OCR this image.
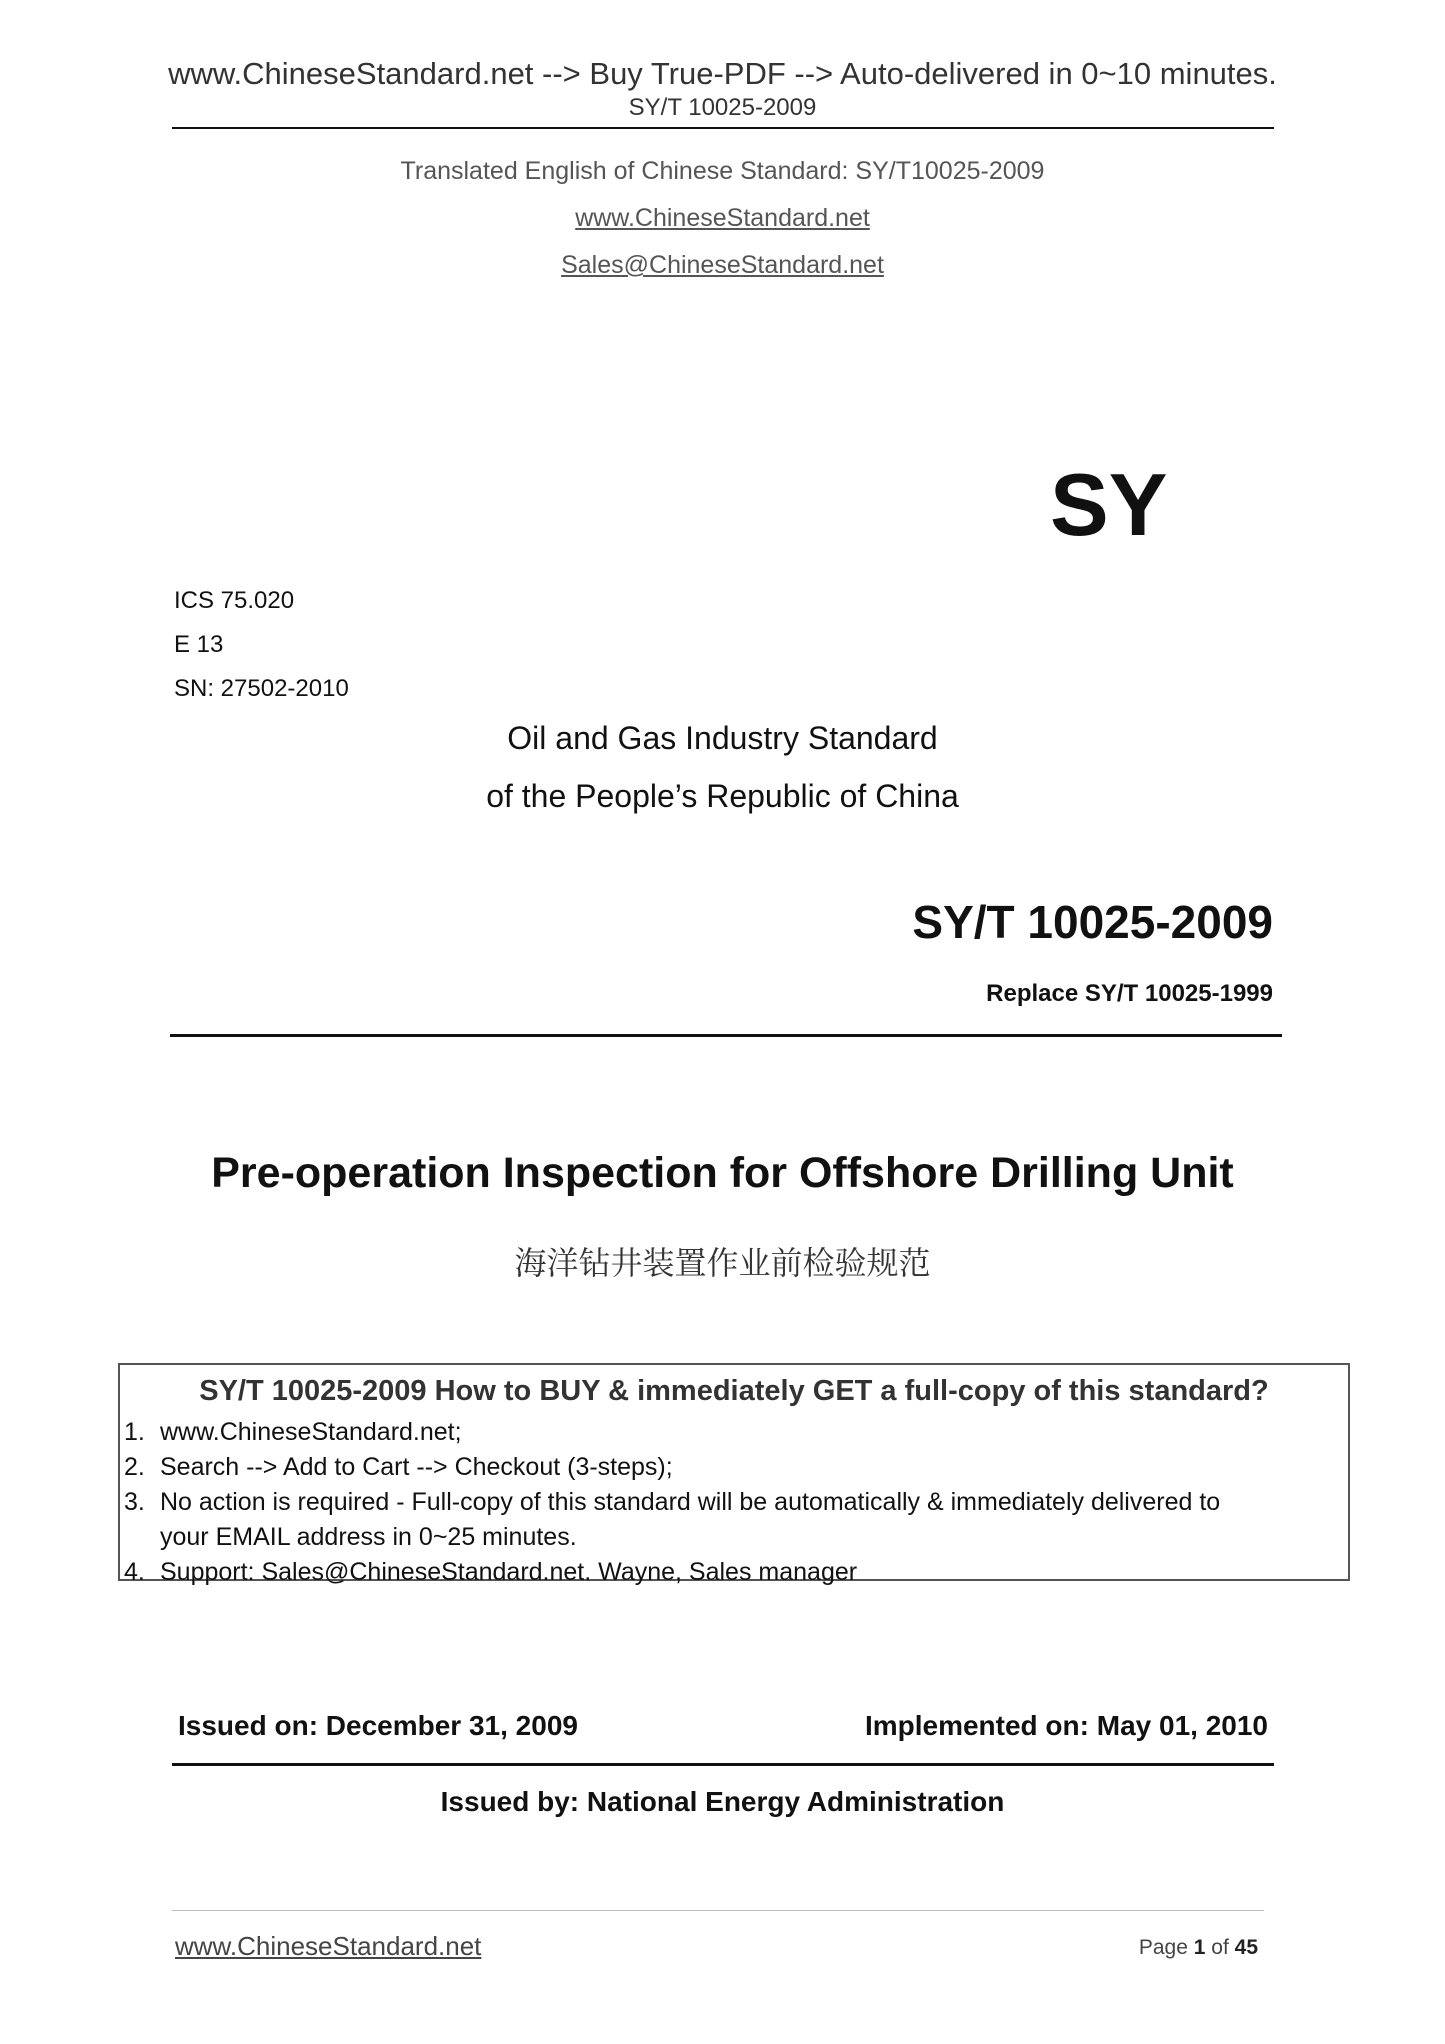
www.ChineseStandard.net --> Buy True-PDF --> Auto-delivered in 0~10 minutes.
SY/T 10025-2009
Translated English of Chinese Standard: SY/T10025-2009
www.ChineseStandard.net
Sales@ChineseStandard.net
SY
ICS 75.020
E 13
SN: 27502-2010
Oil and Gas Industry Standard
of the People’s Republic of China
SY/T 10025-2009
Replace SY/T 10025-1999
Pre-operation Inspection for Offshore Drilling Unit
海洋钻井装置作业前检验规范
SY/T 10025-2009 How to BUY & immediately GET a full-copy of this standard?
1. www.ChineseStandard.net;
2. Search --> Add to Cart --> Checkout (3-steps);
3. No action is required - Full-copy of this standard will be automatically & immediately delivered to
your EMAIL address in 0~25 minutes.
4. Support: Sales@ChineseStandard.net. Wayne, Sales manager
Issued on: December 31, 2009	Implemented on: May 01, 2010
Issued by: National Energy Administration
www.ChineseStandard.net	Page 1 of 45
